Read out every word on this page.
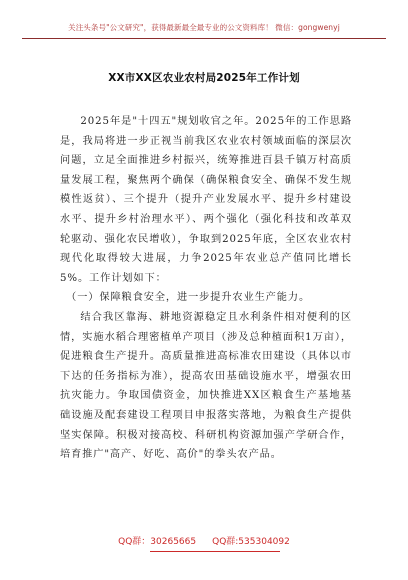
关注头条号"公文研究"，获得最新最全最专业的公文资料库！ 微信：gongwenyj
XX市XX区农业农村局2025年工作计划

2025年是"十四五"规划收官之年。2025年的工作思路是，我局将进一步正视当前我区农业农村领域面临的深层次问题，立足全面推进乡村振兴，统筹推进百县千镇万村高质量发展工程，聚焦两个确保（确保粮食安全、确保不发生规模性返贫）、三个提升（提升产业发展水平、提升乡村建设水平、提升乡村治理水平）、两个强化（强化科技和改革双轮驱动、强化农民增收），争取到2025年底，全区农业农村现代化取得较大进展，力争2025年农业总产值同比增长5%。工作计划如下：

（一）保障粮食安全，进一步提升农业生产能力。

结合我区靠海、耕地资源稳定且水利条件相对便利的区情，实施水稻合理密植单产项目（涉及总种植面积1万亩），促进粮食生产提升。高质量推进高标准农田建设（具体以市下达的任务指标为准），提高农田基础设施水平，增强农田抗灾能力。争取国债资金，加快推进XX区粮食生产基地基础设施及配套建设工程项目申报落实落地，为粮食生产提供坚实保障。积极对接高校、科研机构资源加强产学研合作，培育推广"高产、好吃、高价"的拳头农产品。

QQ群：30265665 QQ群:535304092
